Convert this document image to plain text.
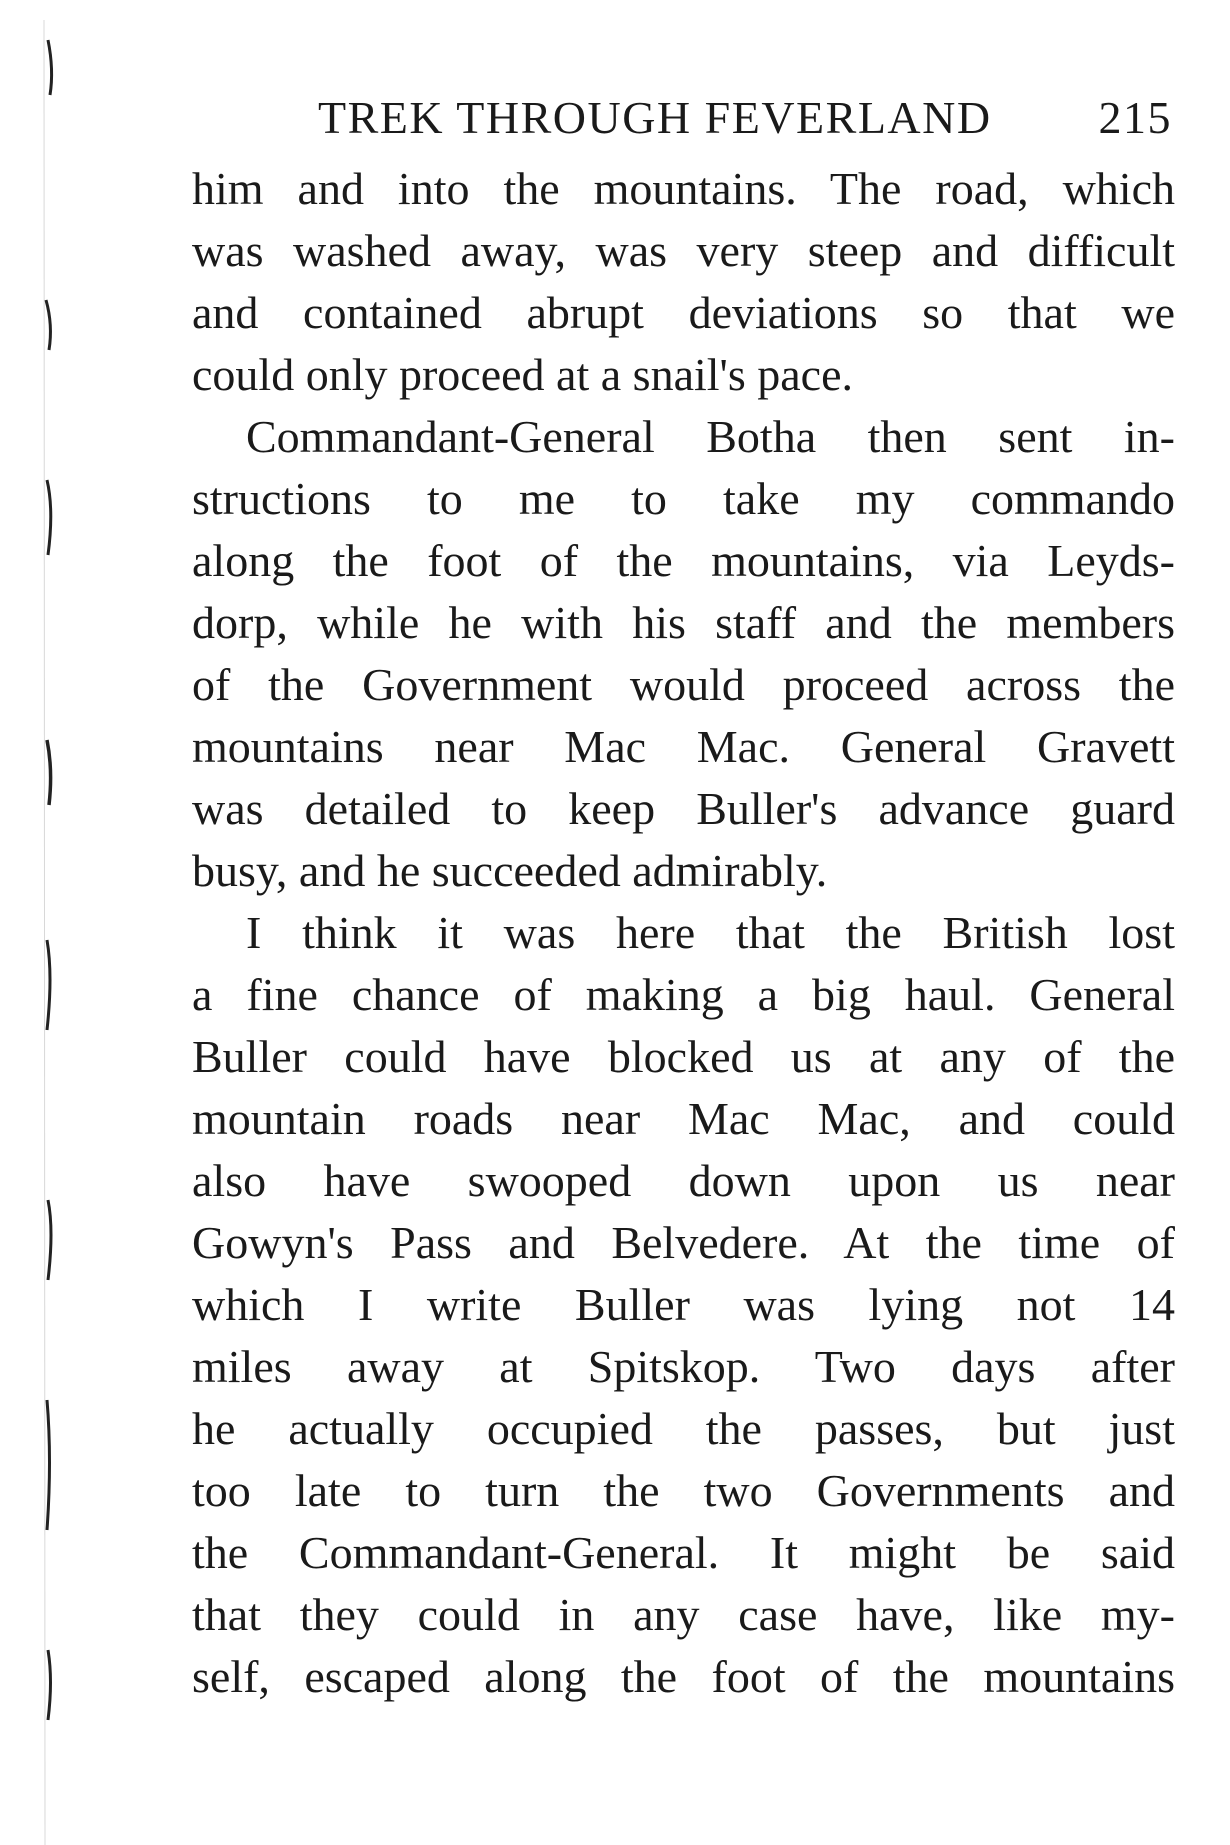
TREK THROUGH FEVERLAND 215
him and into the mountains. The road, which
was washed away, was very steep and difficult
and contained abrupt deviations so that we
could only proceed at a snail's pace.
Commandant-General Botha then sent in-
structions to me to take my commando
along the foot of the mountains, via Leyds-
dorp, while he with his staff and the members
of the Government would proceed across the
mountains near Mac Mac. General Gravett
was detailed to keep Buller's advance guard
busy, and he succeeded admirably.
I think it was here that the British lost
a fine chance of making a big haul. General
Buller could have blocked us at any of the
mountain roads near Mac Mac, and could
also have swooped down upon us near
Gowyn's Pass and Belvedere. At the time of
which I write Buller was lying not 14
miles away at Spitskop. Two days after
he actually occupied the passes, but just
too late to turn the two Governments and
the Commandant-General. It might be said
that they could in any case have, like my-
self, escaped along the foot of the mountains
